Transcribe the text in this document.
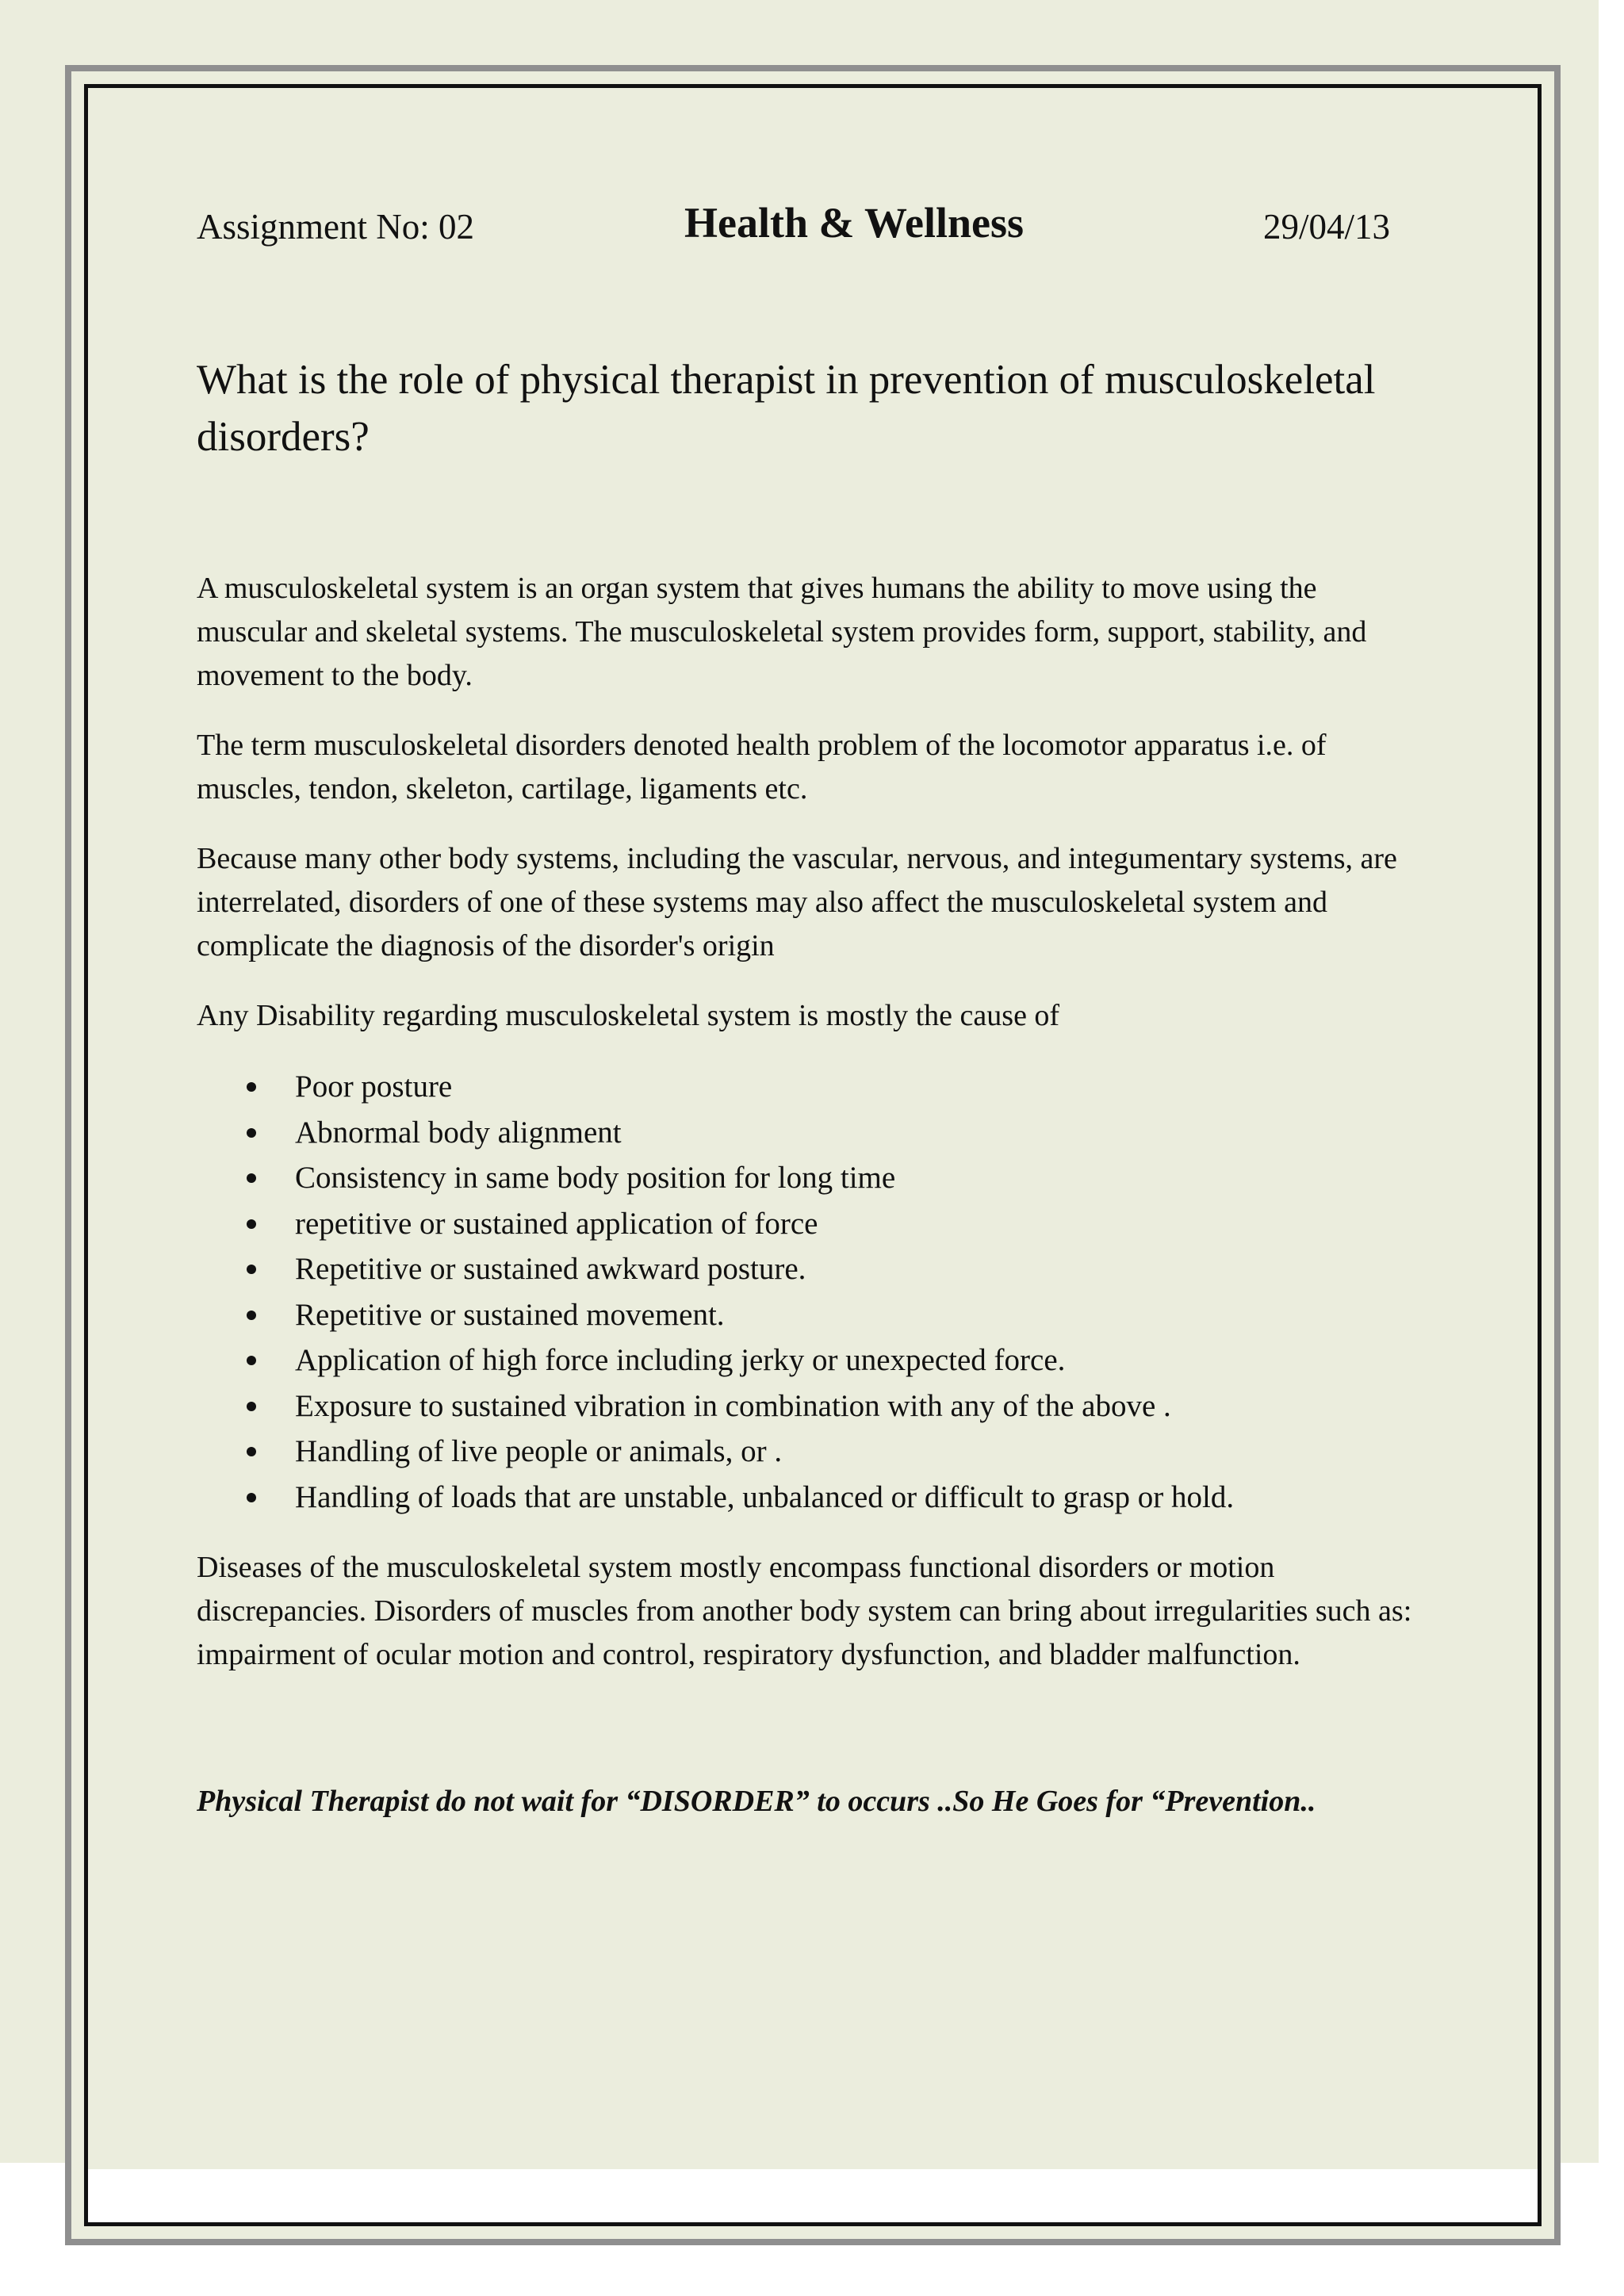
Assignment No: 02	Health & Wellness	29/04/13
What is the role of physical therapist in prevention of musculoskeletal disorders?

A musculoskeletal system is an organ system that gives humans the ability to move using the muscular and skeletal systems. The musculoskeletal system provides form, support, stability, and movement to the body.

The term musculoskeletal disorders denoted health problem of the locomotor apparatus i.e. of muscles, tendon, skeleton, cartilage, ligaments etc.

Because many other body systems, including the vascular, nervous, and integumentary systems, are interrelated, disorders of one of these systems may also affect the musculoskeletal system and complicate the diagnosis of the disorder's origin

Any Disability regarding musculoskeletal system is mostly the cause of

Poor posture
Abnormal body alignment
Consistency in same body position for long time
repetitive or sustained application of force
Repetitive or sustained awkward posture.
Repetitive or sustained movement.
Application of high force including jerky or unexpected force.
Exposure to sustained vibration in combination with any of the above .
Handling of live people or animals, or .
Handling of loads that are unstable, unbalanced or difficult to grasp or hold.

Diseases of the musculoskeletal system mostly encompass functional disorders or motion discrepancies. Disorders of muscles from another body system can bring about irregularities such as: impairment of ocular motion and control, respiratory dysfunction, and bladder malfunction.

Physical Therapist do not wait for “DISORDER” to occurs ..So He Goes for “Prevention..
